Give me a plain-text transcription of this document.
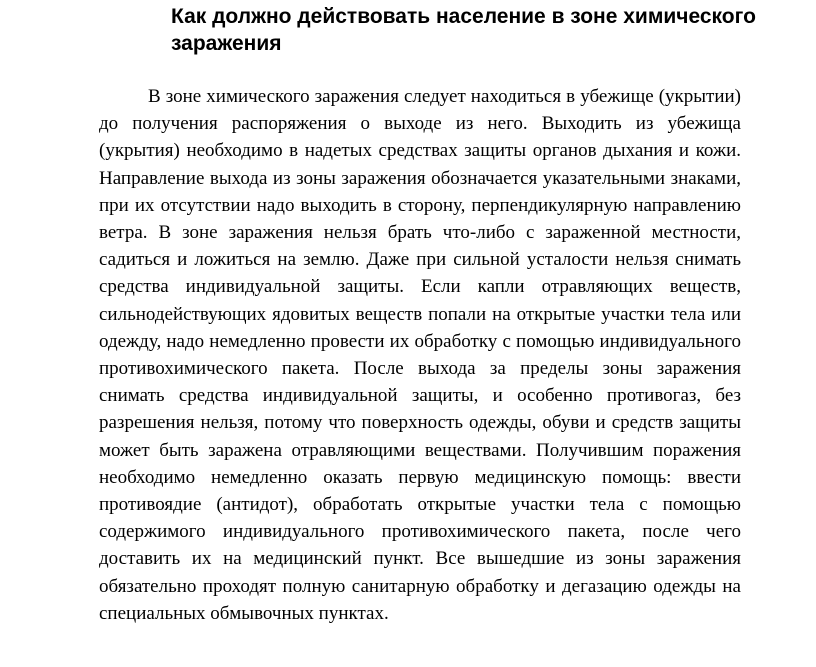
Как должно действовать население в зоне химического заражения

В зоне химического заражения следует находиться в убежище (укрытии) до получения распоряжения о выходе из него. Выходить из убежища (укрытия) необходимо в надетых средствах защиты органов дыхания и кожи. Направление выхода из зоны заражения обозначается указательными знаками, при их отсутствии надо выходить в сторону, перпендикулярную направлению ветра. В зоне заражения нельзя брать что-либо с зараженной местности, садиться и ложиться на землю. Даже при сильной усталости нельзя снимать средства индивидуальной защиты. Если капли отравляющих веществ, сильнодействующих ядовитых веществ попали на открытые участки тела или одежду, надо немедленно провести их обработку с помощью индивидуального противохимического пакета. После выхода за пределы зоны заражения снимать средства индивидуальной защиты, и особенно противогаз, без разрешения нельзя, потому что поверхность одежды, обуви и средств защиты может быть заражена отравляющими веществами. Получившим поражения необходимо немедленно оказать первую медицинскую помощь: ввести противоядие (антидот), обработать открытые участки тела с помощью содержимого индивидуального противохимического пакета, после чего доставить их на медицинский пункт. Все вышедшие из зоны заражения обязательно проходят полную санитарную обработку и дегазацию одежды на специальных обмывочных пунктах.
